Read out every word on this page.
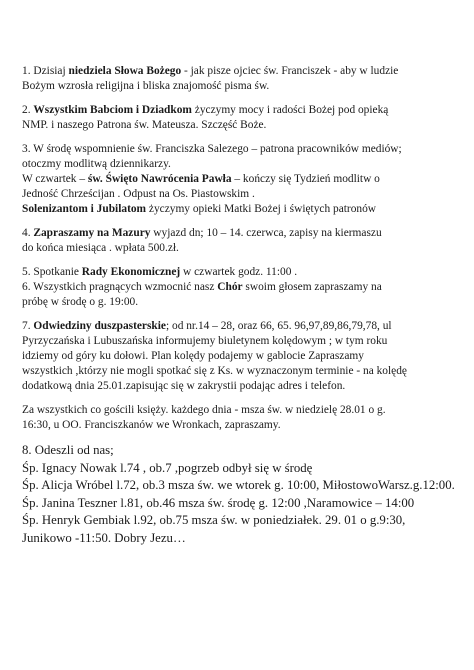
1. Dzisiaj niedziela Słowa Bożego - jak pisze ojciec św. Franciszek - aby w ludzie
Bożym wzrosła religijna i bliska znajomość pisma św.
2. Wszystkim Babciom i Dziadkom życzymy mocy i radości Bożej pod opieką
NMP. i naszego Patrona św. Mateusza. Szczęść Boże.
3. W środę wspomnienie św. Franciszka Salezego – patrona pracowników mediów;
otoczmy modlitwą dziennikarzy.
W czwartek – św. Święto Nawrócenia Pawła – kończy się Tydzień modlitw o
Jedność Chrześcijan . Odpust na Os. Piastowskim .
Solenizantom i Jubilatom życzymy opieki Matki Bożej i świętych patronów
4. Zapraszamy na Mazury wyjazd dn; 10 – 14. czerwca, zapisy na kiermaszu
do końca miesiąca . wpłata 500.zł.
5. Spotkanie Rady Ekonomicznej w czwartek godz. 11:00 .
6. Wszystkich pragnących wzmocnić nasz Chór swoim głosem zapraszamy na
próbę w środę o g. 19:00.
7. Odwiedziny duszpasterskie; od nr.14 – 28, oraz 66, 65. 96,97,89,86,79,78, ul
Pyrzyczańska i Lubuszańska informujemy biuletynem kolędowym ; w tym roku
idziemy od góry ku dołowi. Plan kolędy podajemy w gablocie Zapraszamy
wszystkich ,którzy nie mogli spotkać się z Ks. w wyznaczonym terminie - na kolędę
dodatkową dnia 25.01.zapisując się w zakrystii podając adres i telefon.
Za wszystkich co gościli księży. każdego dnia - msza św. w niedzielę 28.01 o g.
16:30, u OO. Franciszkanów we Wronkach, zapraszamy.
8. Odeszli od nas;
Śp. Ignacy Nowak l.74 , ob.7 ,pogrzeb odbył się w środę
Śp. Alicja Wróbel l.72, ob.3 msza św. we wtorek g. 10:00, MiłostowoWarsz.g.12:00.
Śp. Janina Teszner l.81, ob.46 msza św. środę g. 12:00 ,Naramowice – 14:00
Śp. Henryk Gembiak l.92, ob.75 msza św. w poniedziałek. 29. 01 o g.9:30,
Junikowo -11:50. Dobry Jezu…
